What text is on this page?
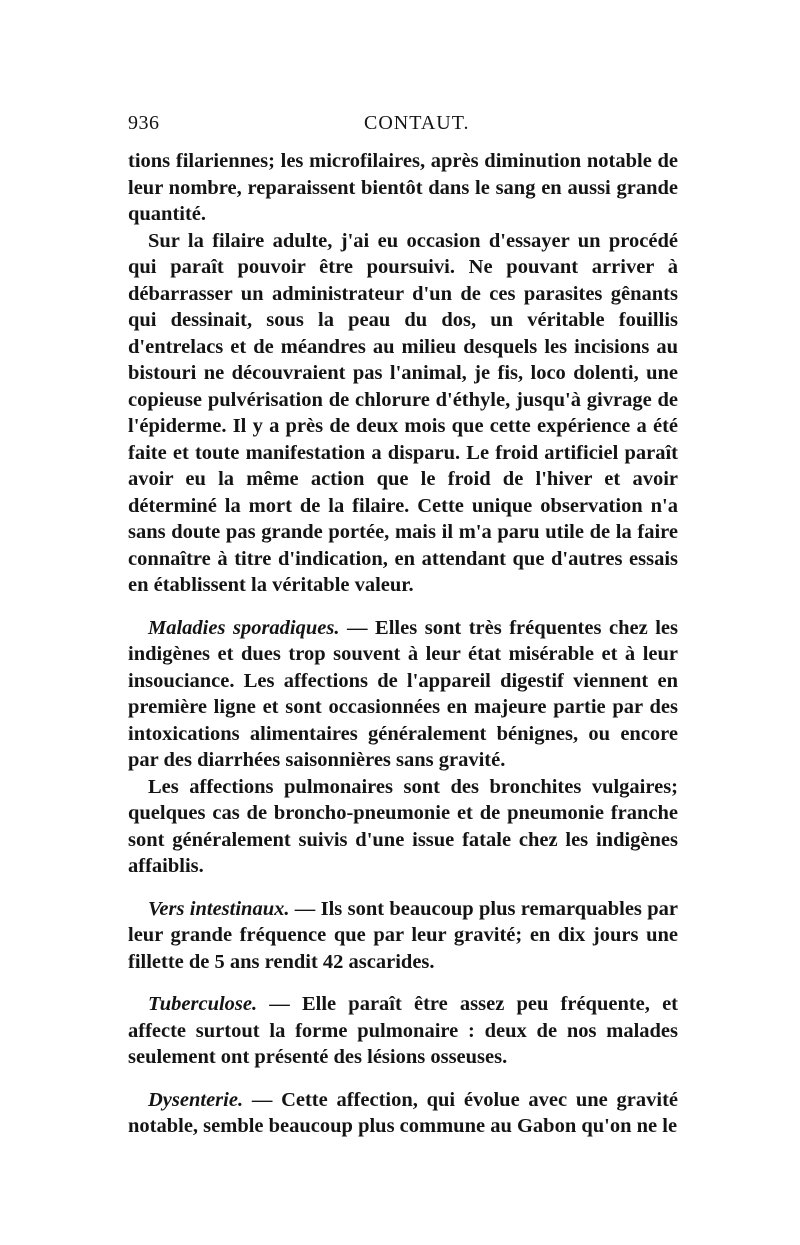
936	CONTAUT.

tions filariennes; les microfilaires, après diminution notable de leur nombre, reparaissent bientôt dans le sang en aussi grande quantité.

Sur la filaire adulte, j'ai eu occasion d'essayer un procédé qui paraît pouvoir être poursuivi. Ne pouvant arriver à débarrasser un administrateur d'un de ces parasites gênants qui dessinait, sous la peau du dos, un véritable fouillis d'entrelacs et de méandres au milieu desquels les incisions au bistouri ne découvraient pas l'animal, je fis, loco dolenti, une copieuse pulvérisation de chlorure d'éthyle, jusqu'à givrage de l'épiderme. Il y a près de deux mois que cette expérience a été faite et toute manifestation a disparu. Le froid artificiel paraît avoir eu la même action que le froid de l'hiver et avoir déterminé la mort de la filaire. Cette unique observation n'a sans doute pas grande portée, mais il m'a paru utile de la faire connaître à titre d'indication, en attendant que d'autres essais en établissent la véritable valeur.

Maladies sporadiques. — Elles sont très fréquentes chez les indigènes et dues trop souvent à leur état misérable et à leur insouciance. Les affections de l'appareil digestif viennent en première ligne et sont occasionnées en majeure partie par des intoxications alimentaires généralement bénignes, ou encore par des diarrhées saisonnières sans gravité.

Les affections pulmonaires sont des bronchites vulgaires; quelques cas de broncho-pneumonie et de pneumonie franche sont généralement suivis d'une issue fatale chez les indigènes affaiblis.

Vers intestinaux. — Ils sont beaucoup plus remarquables par leur grande fréquence que par leur gravité; en dix jours une fillette de 5 ans rendit 42 ascarides.

Tuberculose. — Elle paraît être assez peu fréquente, et affecte surtout la forme pulmonaire : deux de nos malades seulement ont présenté des lésions osseuses.

Dysenterie. — Cette affection, qui évolue avec une gravité notable, semble beaucoup plus commune au Gabon qu'on ne le
